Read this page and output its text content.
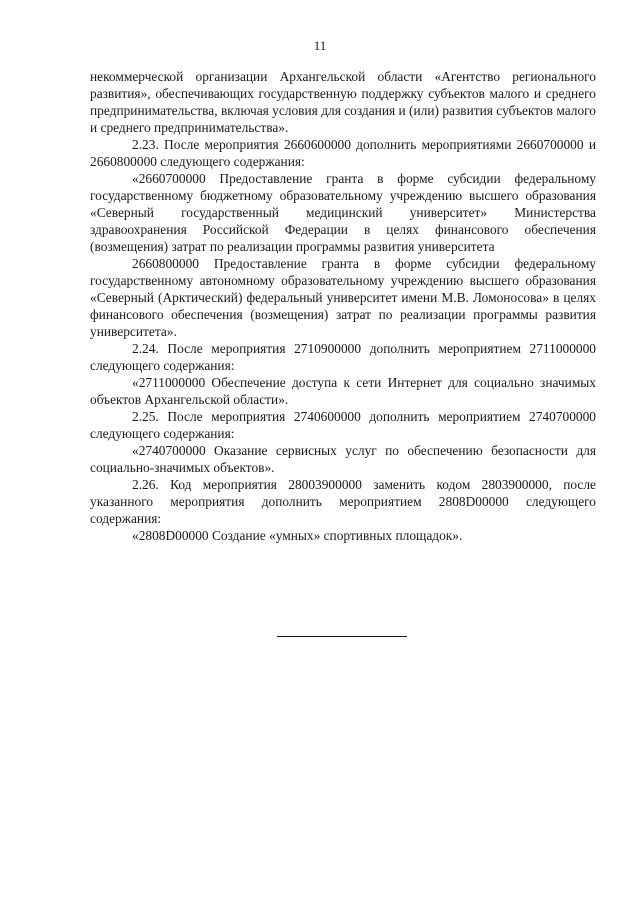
11

некоммерческой организации Архангельской области «Агентство регионального развития», обеспечивающих государственную поддержку субъектов малого и среднего предпринимательства, включая условия для создания и (или) развития субъектов малого и среднего предпринимательства».

2.23. После мероприятия 2660600000 дополнить мероприятиями 2660700000 и 2660800000 следующего содержания:

«2660700000 Предоставление гранта в форме субсидии федеральному государственному бюджетному образовательному учреждению высшего образования «Северный государственный медицинский университет» Министерства здравоохранения Российской Федерации в целях финансового обеспечения (возмещения) затрат по реализации программы развития университета

2660800000 Предоставление гранта в форме субсидии федеральному государственному автономному образовательному учреждению высшего образования «Северный (Арктический) федеральный университет имени М.В. Ломоносова» в целях финансового обеспечения (возмещения) затрат по реализации программы развития университета».

2.24. После мероприятия 2710900000 дополнить мероприятием 2711000000 следующего содержания:

«2711000000 Обеспечение доступа к сети Интернет для социально значимых объектов Архангельской области».

2.25. После мероприятия 2740600000 дополнить мероприятием 2740700000 следующего содержания:

«2740700000 Оказание сервисных услуг по обеспечению безопасности для социально-значимых объектов».

2.26. Код мероприятия 28003900000 заменить кодом 2803900000, после указанного мероприятия дополнить мероприятием 2808D00000 следующего содержания:

«2808D00000 Создание «умных» спортивных площадок».
